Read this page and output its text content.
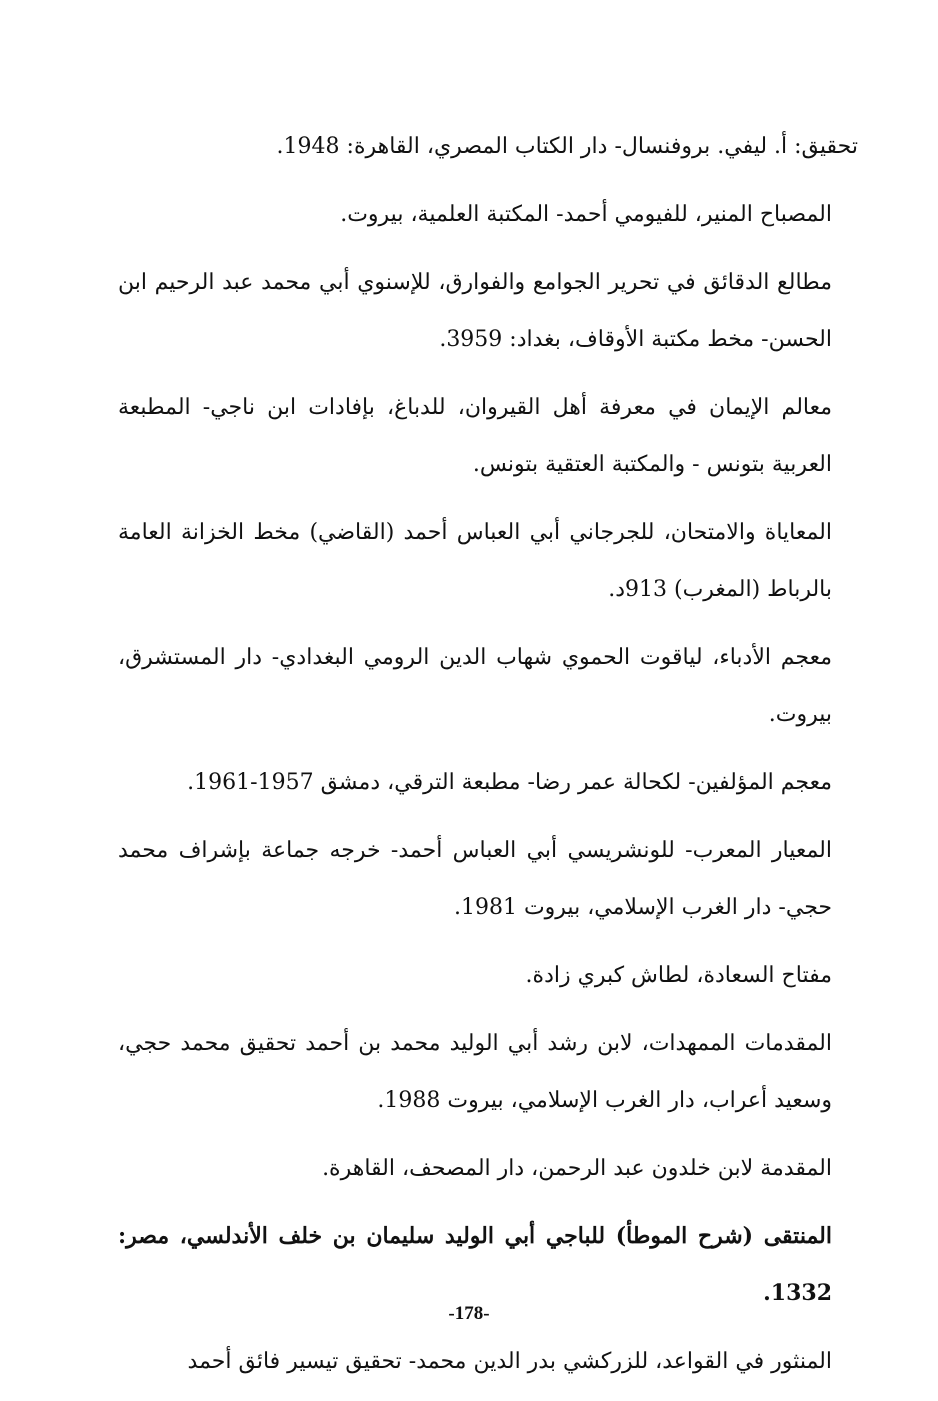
تحقيق: أ. ليفي. بروفنسال- دار الكتاب المصري، القاهرة: 1948.

المصباح المنير، للفيومي أحمد- المكتبة العلمية، بيروت.

مطالع الدقائق في تحرير الجوامع والفوارق، للإسنوي أبي محمد عبد الرحيم ابن الحسن- مخط مكتبة الأوقاف، بغداد: 3959.

معالم الإيمان في معرفة أهل القيروان، للدباغ، بإفادات ابن ناجي- المطبعة العربية بتونس - والمكتبة العتقية بتونس.

المعاياة والامتحان، للجرجاني أبي العباس أحمد (القاضي) مخط الخزانة العامة بالرباط (المغرب) 913د.

معجم الأدباء، لياقوت الحموي شهاب الدين الرومي البغدادي- دار المستشرق، بيروت.

معجم المؤلفين- لكحالة عمر رضا- مطبعة الترقي، دمشق 1957-1961.

المعيار المعرب- للونشريسي أبي العباس أحمد- خرجه جماعة بإشراف محمد حجي- دار الغرب الإسلامي، بيروت 1981.

مفتاح السعادة، لطاش كبري زادة.

المقدمات الممهدات، لابن رشد أبي الوليد محمد بن أحمد تحقيق محمد حجي، وسعيد أعراب، دار الغرب الإسلامي، بيروت 1988.

المقدمة لابن خلدون عبد الرحمن، دار المصحف، القاهرة.

المنتقى (شرح الموطأ) للباجي أبي الوليد سليمان بن خلف الأندلسي، مصر: 1332.

المنثور في القواعد، للزركشي بدر الدين محمد- تحقيق تيسير فائق أحمد

-178-
